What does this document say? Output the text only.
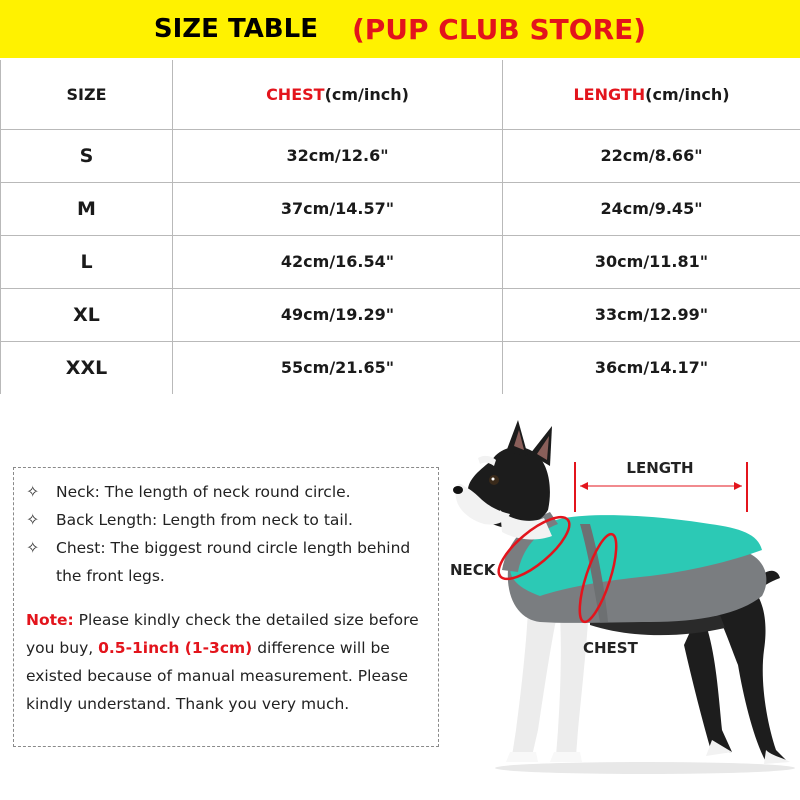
SIZE TABLE (PUP CLUB STORE)
SIZE	CHEST(cm/inch)	LENGTH(cm/inch)
S	32cm/12.6"	22cm/8.66"
M	37cm/14.57"	24cm/9.45"
L	42cm/16.54"	30cm/11.81"
XL	49cm/19.29"	33cm/12.99"
XXL	55cm/21.65"	36cm/14.17"
✧	Neck: The length of neck round circle.
✧	Back Length: Length from neck to tail.
✧	Chest: The biggest round circle length behind the front legs.

Note: Please kindly check the detailed size before you buy, 0.5-1inch (1-3cm) difference will be existed because of manual measurement. Please kindly understand. Thank you very much.

LENGTH
NECK
CHEST
